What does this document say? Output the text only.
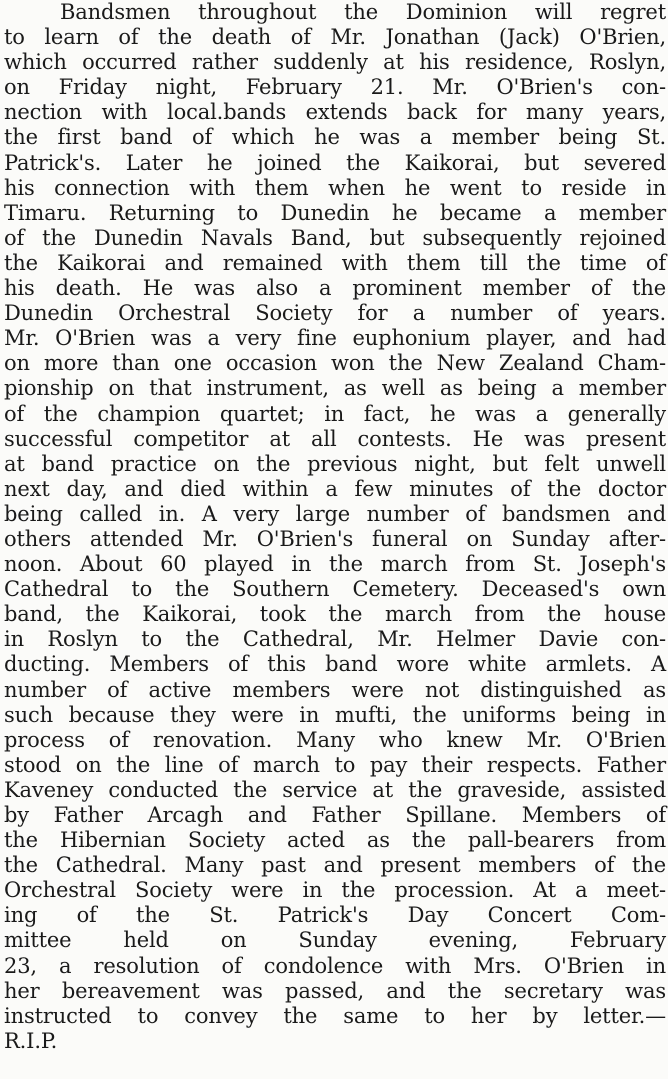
Bandsmen throughout the Dominion will regret
to learn of the death of Mr. Jonathan (Jack) O'Brien,
which occurred rather suddenly at his residence, Roslyn,
on Friday night, February 21. Mr. O'Brien's con-
nection with local.bands extends back for many years,
the first band of which he was a member being St.
Patrick's. Later he joined the Kaikorai, but severed
his connection with them when he went to reside in
Timaru. Returning to Dunedin he became a member
of the Dunedin Navals Band, but subsequently rejoined
the Kaikorai and remained with them till the time of
his death. He was also a prominent member of the
Dunedin Orchestral Society for a number of years.
Mr. O'Brien was a very fine euphonium player, and had
on more than one occasion won the New Zealand Cham-
pionship on that instrument, as well as being a member
of the champion quartet; in fact, he was a generally
successful competitor at all contests. He was present
at band practice on the previous night, but felt unwell
next day, and died within a few minutes of the doctor
being called in. A very large number of bandsmen and
others attended Mr. O'Brien's funeral on Sunday after-
noon. About 60 played in the march from St. Joseph's
Cathedral to the Southern Cemetery. Deceased's own
band, the Kaikorai, took the march from the house
in Roslyn to the Cathedral, Mr. Helmer Davie con-
ducting. Members of this band wore white armlets. A
number of active members were not distinguished as
such because they were in mufti, the uniforms being in
process of renovation. Many who knew Mr. O'Brien
stood on the line of march to pay their respects. Father
Kaveney conducted the service at the graveside, assisted
by Father Arcagh and Father Spillane. Members of
the Hibernian Society acted as the pall-bearers from
the Cathedral. Many past and present members of the
Orchestral Society were in the procession. At a meet-
ing of the St. Patrick's Day Concert Com-
mittee held on Sunday evening, February
23, a resolution of condolence with Mrs. O'Brien in
her bereavement was passed, and the secretary was
instructed to convey the same to her by letter.—
R.I.P.
